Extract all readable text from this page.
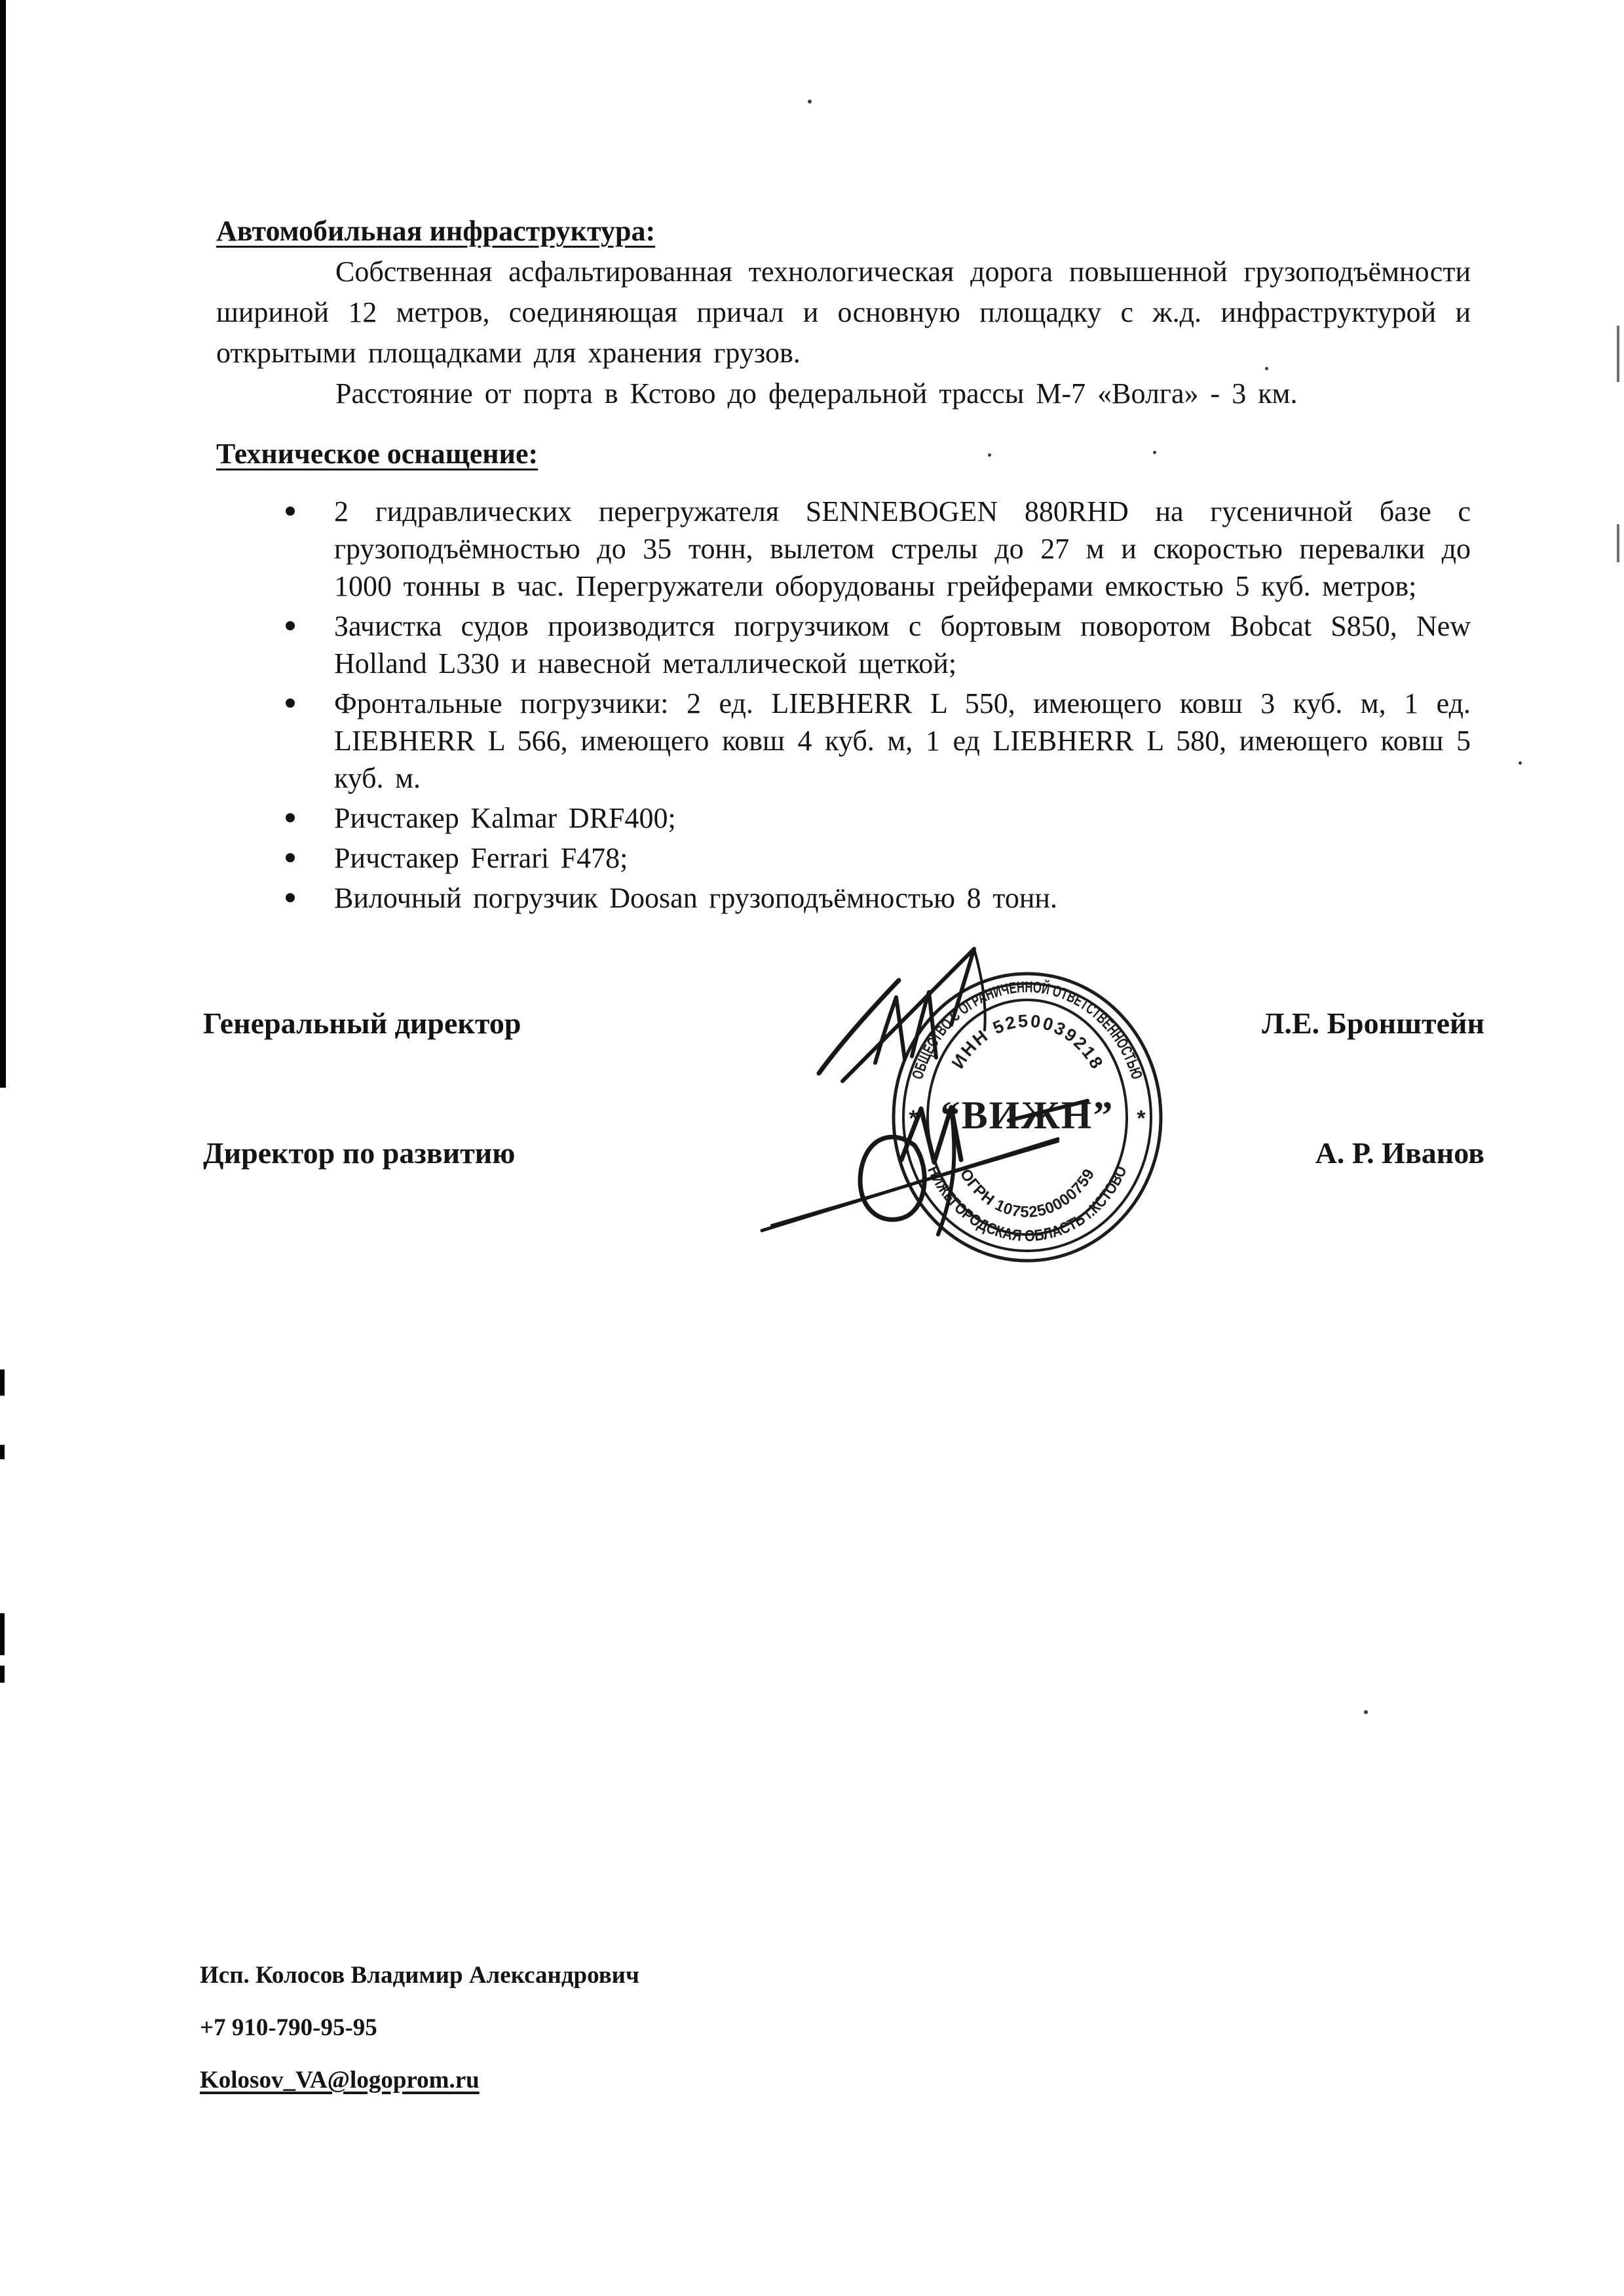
Автомобильная инфраструктура:

Собственная асфальтированная технологическая дорога повышенной грузоподъёмности шириной 12 метров, соединяющая причал и основную площадку с ж.д. инфраструктурой и открытыми площадками для хранения грузов.

Расстояние от порта в Кстово до федеральной трассы М-7 «Волга» - 3 км.

Техническое оснащение:

2 гидравлических перегружателя SENNEBOGEN 880RHD на гусеничной базе с грузоподъёмностью до 35 тонн, вылетом стрелы до 27 м и скоростью перевалки до 1000 тонны в час. Перегружатели оборудованы грейферами емкостью 5 куб. метров;
Зачистка судов производится погрузчиком с бортовым поворотом Bobcat S850, New Holland L330 и навесной металлической щеткой;
Фронтальные погрузчики: 2 ед. LIEBHERR L 550, имеющего ковш 3 куб. м, 1 ед. LIEBHERR L 566, имеющего ковш 4 куб. м, 1 ед LIEBHERR L 580, имеющего ковш 5 куб. м.
Ричстакер Kalmar DRF400;
Ричстакер Ferrari F478;
Вилочный погрузчик Doosan грузоподъёмностью 8 тонн.
Генеральный директор	Л.Е. Бронштейн
Директор по развитию	А. Р. Иванов
ОБЩЕСТВО С ОГРАНИЧЕННОЙ ОТВЕТСТВЕННОСТЬЮ
НИЖЕГОРОДСКАЯ ОБЛАСТЬ г.КСТОВО
ИНН 5250039218
ОГРН 1075250000759
*	*
“ВИЖН”
Исп. Колосов Владимир Александрович
+7 910-790-95-95
Kolosov_VA@logoprom.ru
